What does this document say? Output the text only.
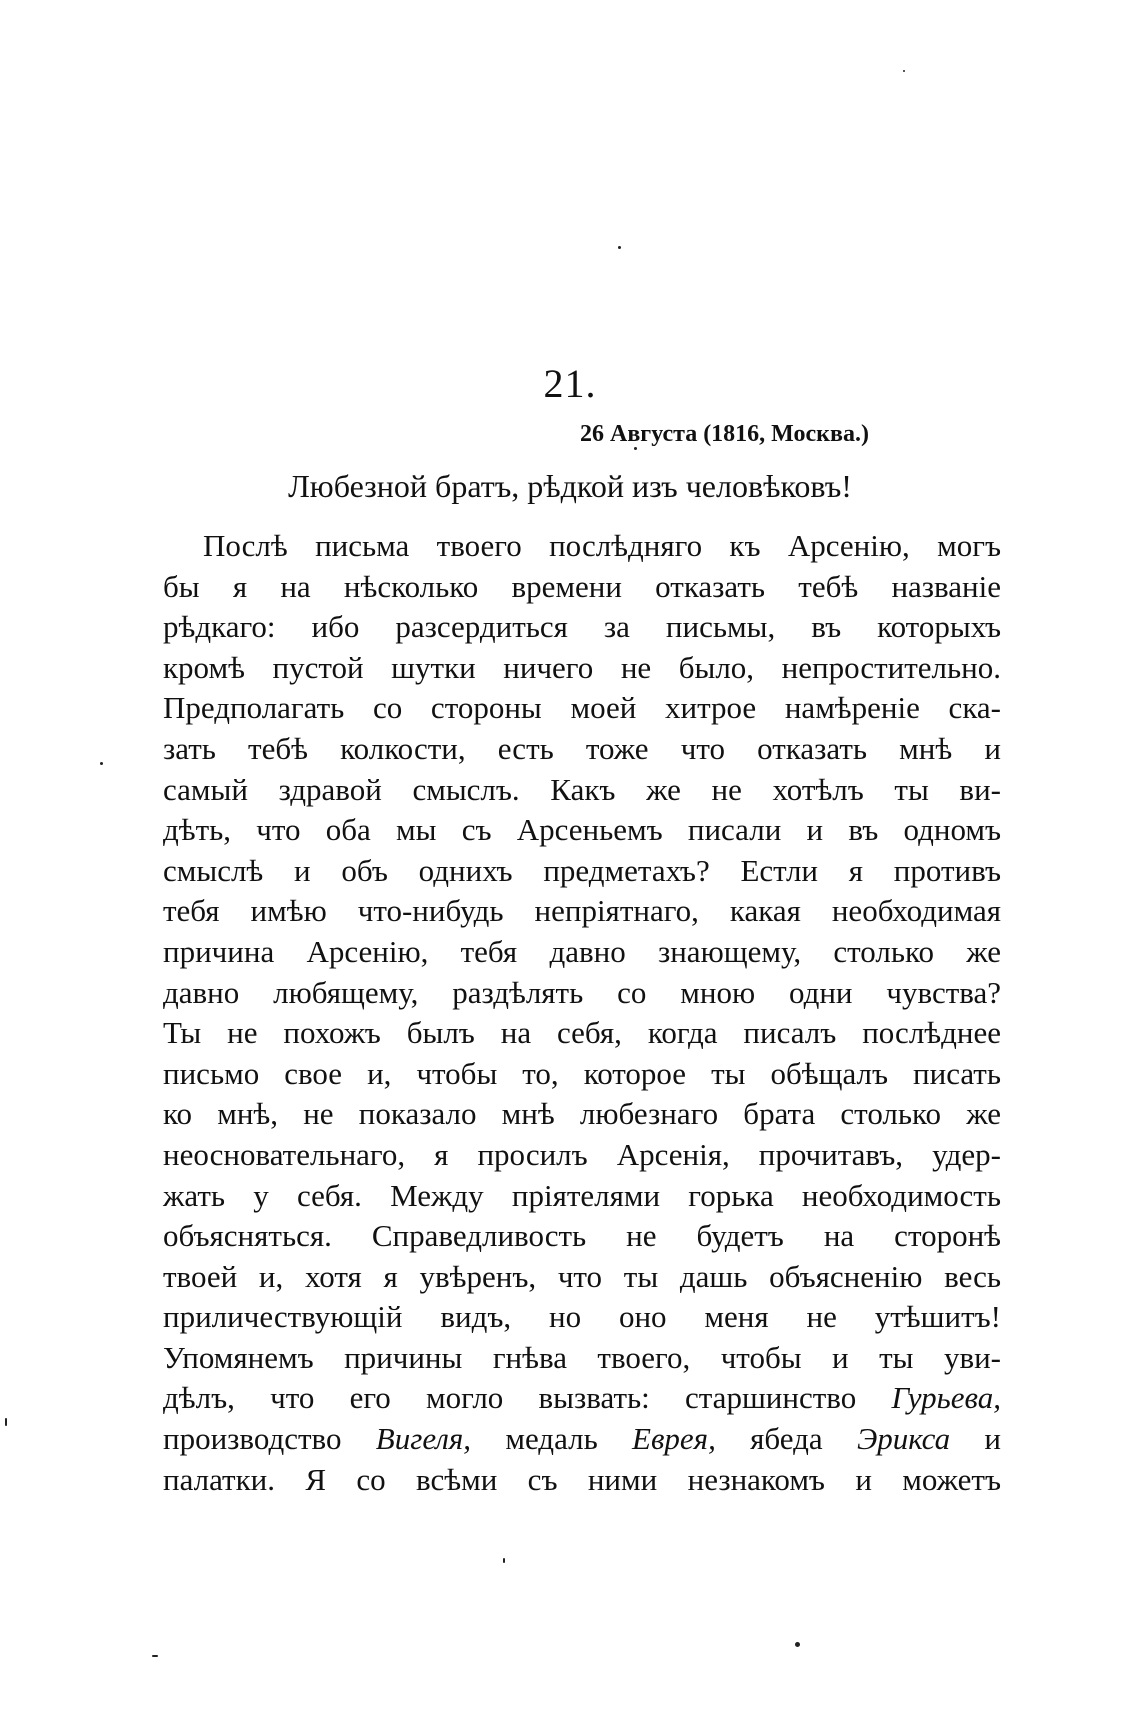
21.
26 Августа (1816, Москва.)
Любезной братъ, рѣдкой изъ человѣковъ!
Послѣ письма твоего послѣдняго къ Арсенію, могъ
бы я на нѣсколько времени отказать тебѣ названіе
рѣдкаго: ибо разсердиться за письмы, въ которыхъ
кромѣ пустой шутки ничего не было, непростительно.
Предполагать со стороны моей хитрое намѣреніе ска-
зать тебѣ колкости, есть тоже что отказать мнѣ и
самый здравой смыслъ. Какъ же не хотѣлъ ты ви-
дѣть, что оба мы съ Арсеньемъ писали и въ одномъ
смыслѣ и объ однихъ предметахъ? Естли я противъ
тебя имѣю что-нибудь непріятнаго, какая необходимая
причина Арсенію, тебя давно знающему, столько же
давно любящему, раздѣлять со мною одни чувства?
Ты не похожъ былъ на себя, когда писалъ послѣднее
письмо свое и, чтобы то, которое ты обѣщалъ писать
ко мнѣ, не показало мнѣ любезнаго брата столько же
неосновательнаго, я просилъ Арсенія, прочитавъ, удер-
жать у себя. Между пріятелями горька необходимость
объясняться. Справедливость не будетъ на сторонѣ
твоей и, хотя я увѣренъ, что ты дашь объясненію весь
приличествующій видъ, но оно меня не утѣшитъ!
Упомянемъ причины гнѣва твоего, чтобы и ты уви-
дѣлъ, что его могло вызвать: старшинство Гурьева,
производство Вигеля, медаль Еврея, ябеда Эрикса и
палатки. Я со всѣми съ ними незнакомъ и можетъ
